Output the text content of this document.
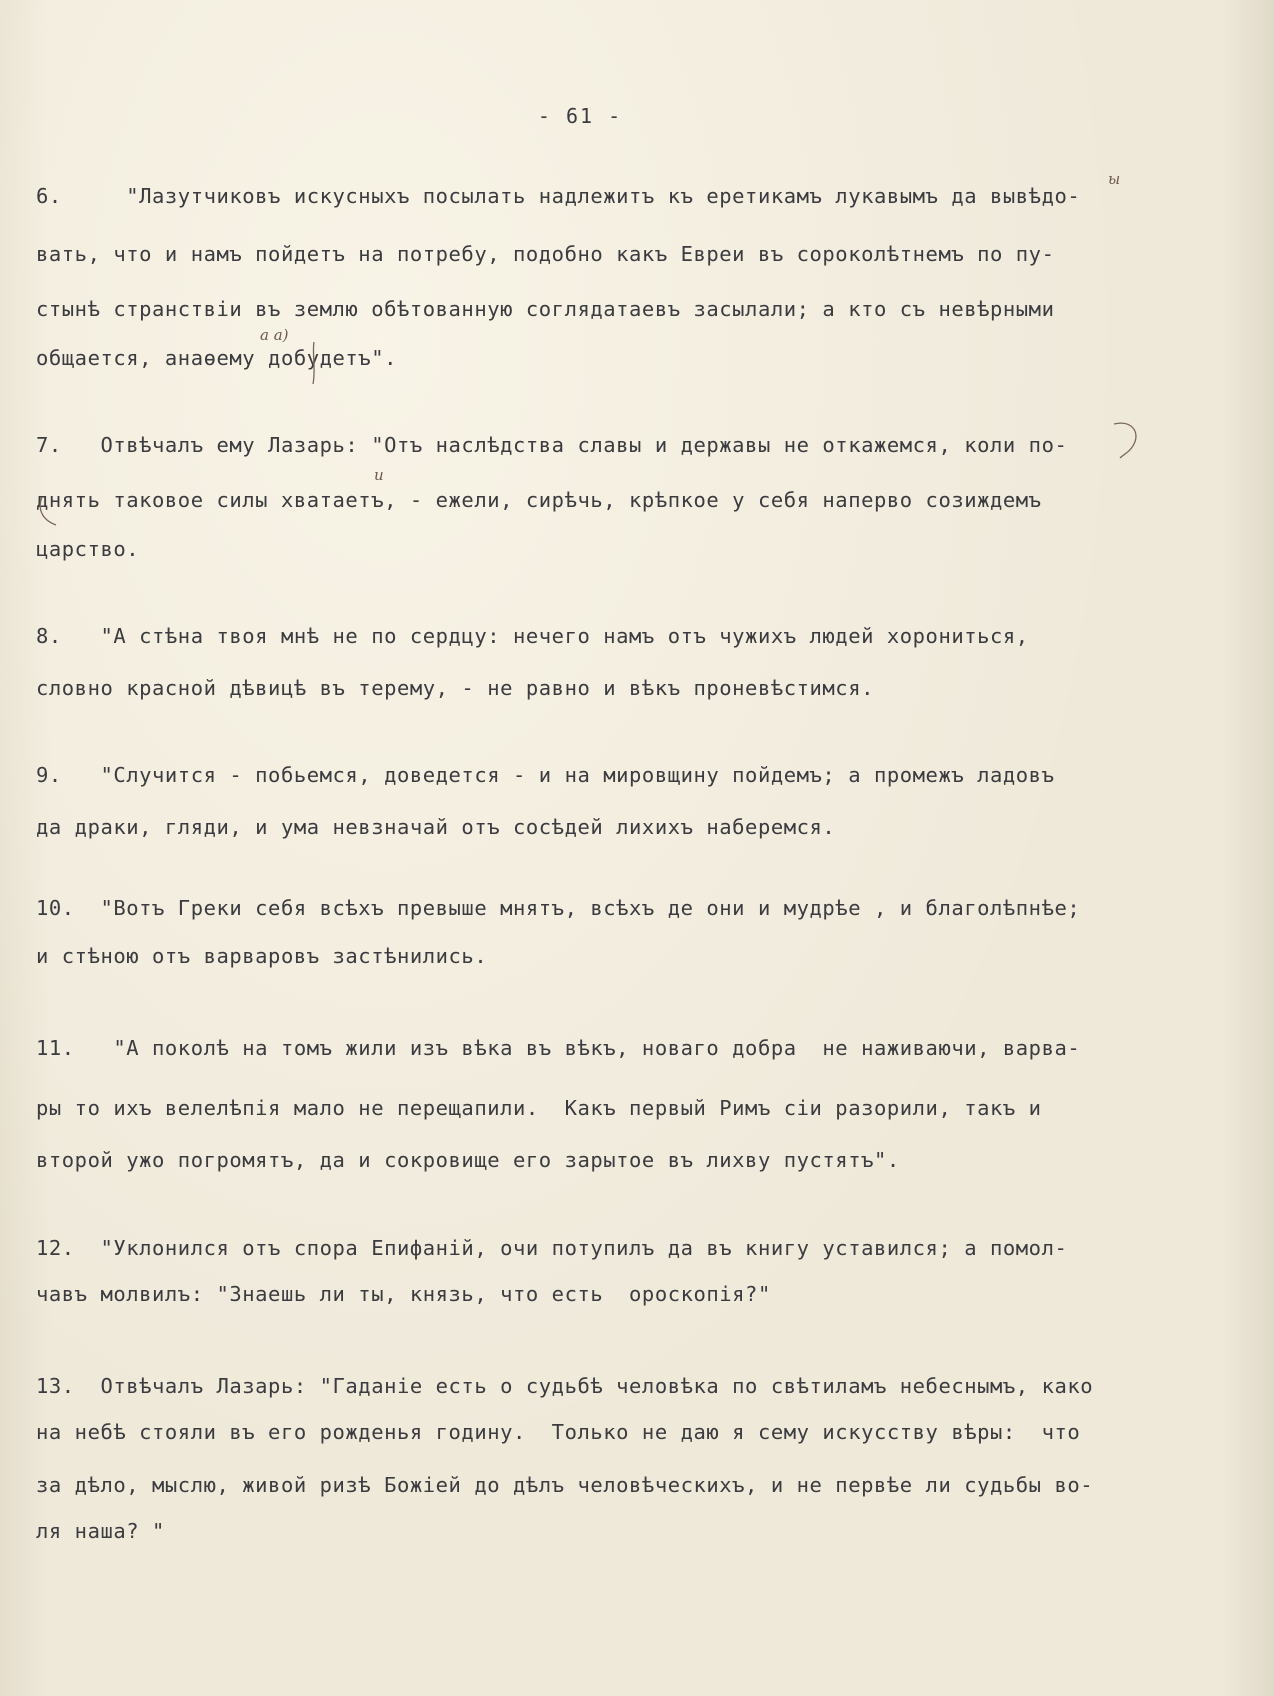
- 61 -
6.     "Лазутчиковъ искусныхъ посылать надлежитъ къ еретикамъ лукавымъ да вывѣдо-
вать, что и намъ пойдетъ на потребу, подобно какъ Евреи въ сороколѣтнемъ по пу-
стынѣ странствiи въ землю обѣтованную соглядатаевъ засылали; а кто съ невѣрными
общается, анаѳему добудетъ".
7.   Отвѣчалъ ему Лазарь: "Отъ наслѣдства славы и державы не откажемся, коли по-
днять таковое силы хватаетъ, - ежели, сирѣчь, крѣпкое у себя наперво созиждемъ
царство.
8.   "А стѣна твоя мнѣ не по сердцу: нечего намъ отъ чужихъ людей хорониться,
словно красной дѣвицѣ въ терему, - не равно и вѣкъ проневѣстимся.
9.   "Случится - побьемся, доведется - и на мировщину пойдемъ; а промежъ ладовъ
да драки, гляди, и ума невзначай отъ сосѣдей лихихъ наберемся.
10.  "Вотъ Греки себя всѣхъ превыше мнятъ, всѣхъ де они и мудрѣе , и благолѣпнѣе;
и стѣною отъ варваровъ застѣнились.
11.   "А поколѣ на томъ жили изъ вѣка въ вѣкъ, новаго добра  не наживаючи, варва-
ры то ихъ велелѣпiя мало не перещапили.  Какъ первый Римъ сiи разорили, такъ и
второй ужо погромятъ, да и сокровище его зарытое въ лихву пустятъ".
12.  "Уклонился отъ спора Епифанiй, очи потупилъ да въ книгу уставился; а помол-
чавъ молвилъ: "Знаешь ли ты, князь, что есть  ороскопiя?"
13.  Отвѣчалъ Лазарь: "Гаданiе есть о судьбѣ человѣка по свѣтиламъ небеснымъ, како
на небѣ стояли въ его рожденья годину.  Только не даю я сему искусству вѣры:  что
за дѣло, мыслю, живой ризѣ Божiей до дѣлъ человѣческихъ, и не первѣе ли судьбы во-
ля наша? "
ы
а а)
и
